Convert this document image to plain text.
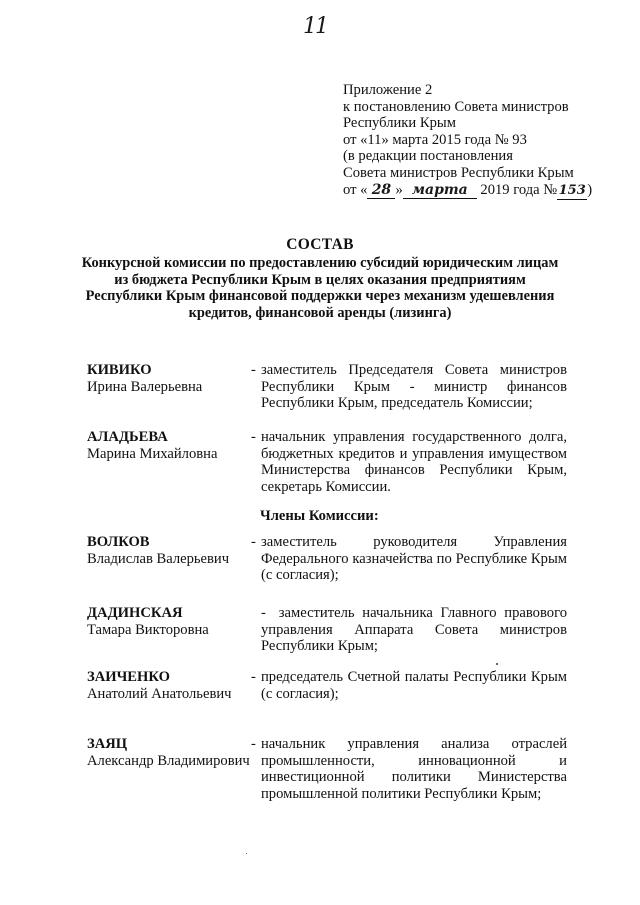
11
Приложение 2
к постановлению Совета министров
Республики Крым
от «11» марта 2015 года № 93
(в редакции постановления
Совета министров Республики Крым
от « 28 » марта 2019 года №153)
СОСТАВ
Конкурсной комиссии по предоставлению субсидий юридическим лицам
из бюджета Республики Крым в целях оказания предприятиям
Республики Крым финансовой поддержки через механизм удешевления
кредитов, финансовой аренды (лизинга)
КИВИКО
Ирина Валерьевна
- заместитель Председателя Совета министров Республики Крым - министр финансов Республики Крым, председатель Комиссии;
АЛАДЬЕВА
Марина Михайловна
- начальник управления государственного долга, бюджетных кредитов и управления имуществом Министерства финансов Республики Крым, секретарь Комиссии.
Члены Комиссии:
ВОЛКОВ
Владислав Валерьевич
- заместитель руководителя Управления Федерального казначейства по Республике Крым (с согласия);
ДАДИНСКАЯ
Тамара Викторовна
- заместитель начальника Главного правового управления Аппарата Совета министров Республики Крым;
ЗАИЧЕНКО
Анатолий Анатольевич
- председатель Счетной палаты Республики Крым (с согласия);
ЗАЯЦ
Александр Владимирович
- начальник управления анализа отраслей промышленности, инновационной и инвестиционной политики Министерства промышленной политики Республики Крым;
